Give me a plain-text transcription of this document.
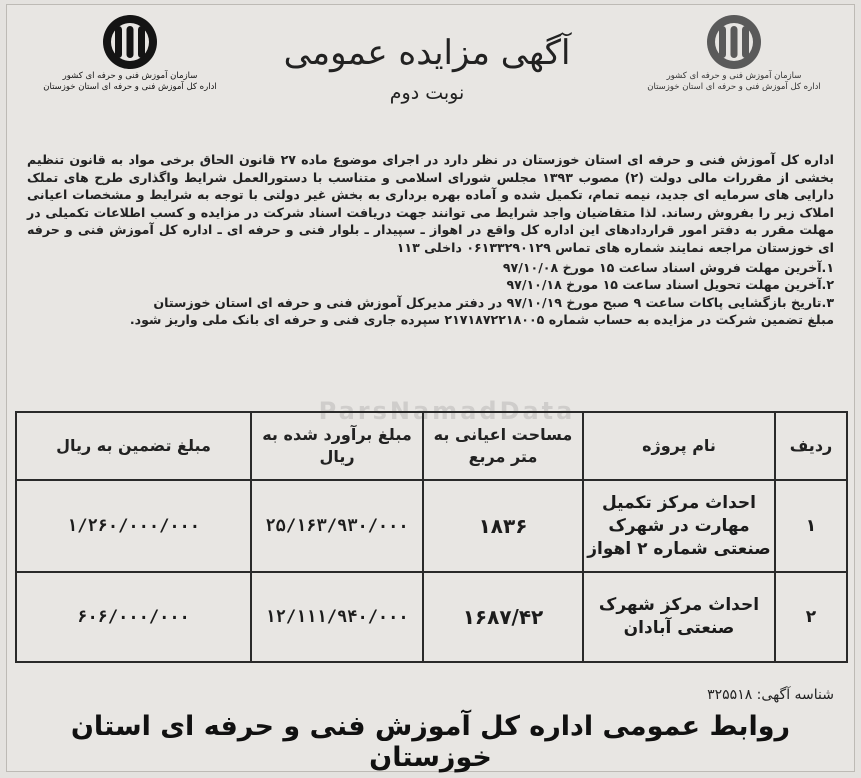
سازمان آموزش فنی و حرفه ای کشور
اداره کل آموزش فنی و حرفه ای استان خوزستان
سازمان آموزش فنی و حرفه ای کشور
اداره کل آموزش فنی و حرفه ای استان خوزستان
آگهی مزایده عمومی
نوبت دوم

اداره کل آموزش فنی و حرفه ای استان خوزستان در نظر دارد در اجرای موضوع ماده ۲۷ قانون الحاق برخی مواد به قانون تنظیم بخشی از مقررات مالی دولت (۲) مصوب ۱۳۹۳ مجلس شورای اسلامی و متناسب با دستورالعمل شرایط واگذاری طرح های تملک دارایی های سرمایه ای جدید، نیمه تمام، تکمیل شده و آماده بهره برداری به بخش غیر دولتی با توجه به شرایط و مشخصات اعیانی املاک زیر را بفروش رساند. لذا متقاضیان واجد شرایط می توانند جهت دریافت اسناد شرکت در مزایده و کسب اطلاعات تکمیلی در مهلت مقرر به دفتر امور قراردادهای این اداره کل واقع در اهواز ـ سپیدار ـ بلوار فنی و حرفه ای ـ اداره کل آموزش فنی و حرفه ای خوزستان مراجعه نمایند شماره های تماس ۰۶۱۳۳۲۹۰۱۲۹ داخلی ۱۱۳

۱.آخرین مهلت فروش اسناد ساعت ۱۵ مورخ ۹۷/۱۰/۰۸
۲.آخرین مهلت تحویل اسناد ساعت ۱۵ مورخ ۹۷/۱۰/۱۸
۳.تاریخ بازگشایی پاکات ساعت ۹ صبح مورخ ۹۷/۱۰/۱۹ در دفتر مدیرکل آموزش فنی و حرفه ای استان خوزستان
مبلغ تضمین شرکت در مزایده به حساب شماره ۲۱۷۱۸۷۲۲۱۸۰۰۵ سپرده جاری فنی و حرفه ای بانک ملی واریز شود.
ParsNamadData
ردیف	نام پروژه	مساحت اعیانی به متر مربع	مبلغ برآورد شده به ریال	مبلغ تضمین به ریال
۱	احداث مرکز تکمیل مهارت در شهرک صنعتی شماره ۲ اهواز	۱۸۳۶	۲۵/۱۶۳/۹۳۰/۰۰۰	۱/۲۶۰/۰۰۰/۰۰۰
۲	احداث مرکز شهرک صنعتی آبادان	۱۶۸۷/۴۲	۱۲/۱۱۱/۹۴۰/۰۰۰	۶۰۶/۰۰۰/۰۰۰
شناسه آگهی: ۳۲۵۵۱۸
روابط عمومی اداره کل آموزش فنی و حرفه ای استان خوزستان
